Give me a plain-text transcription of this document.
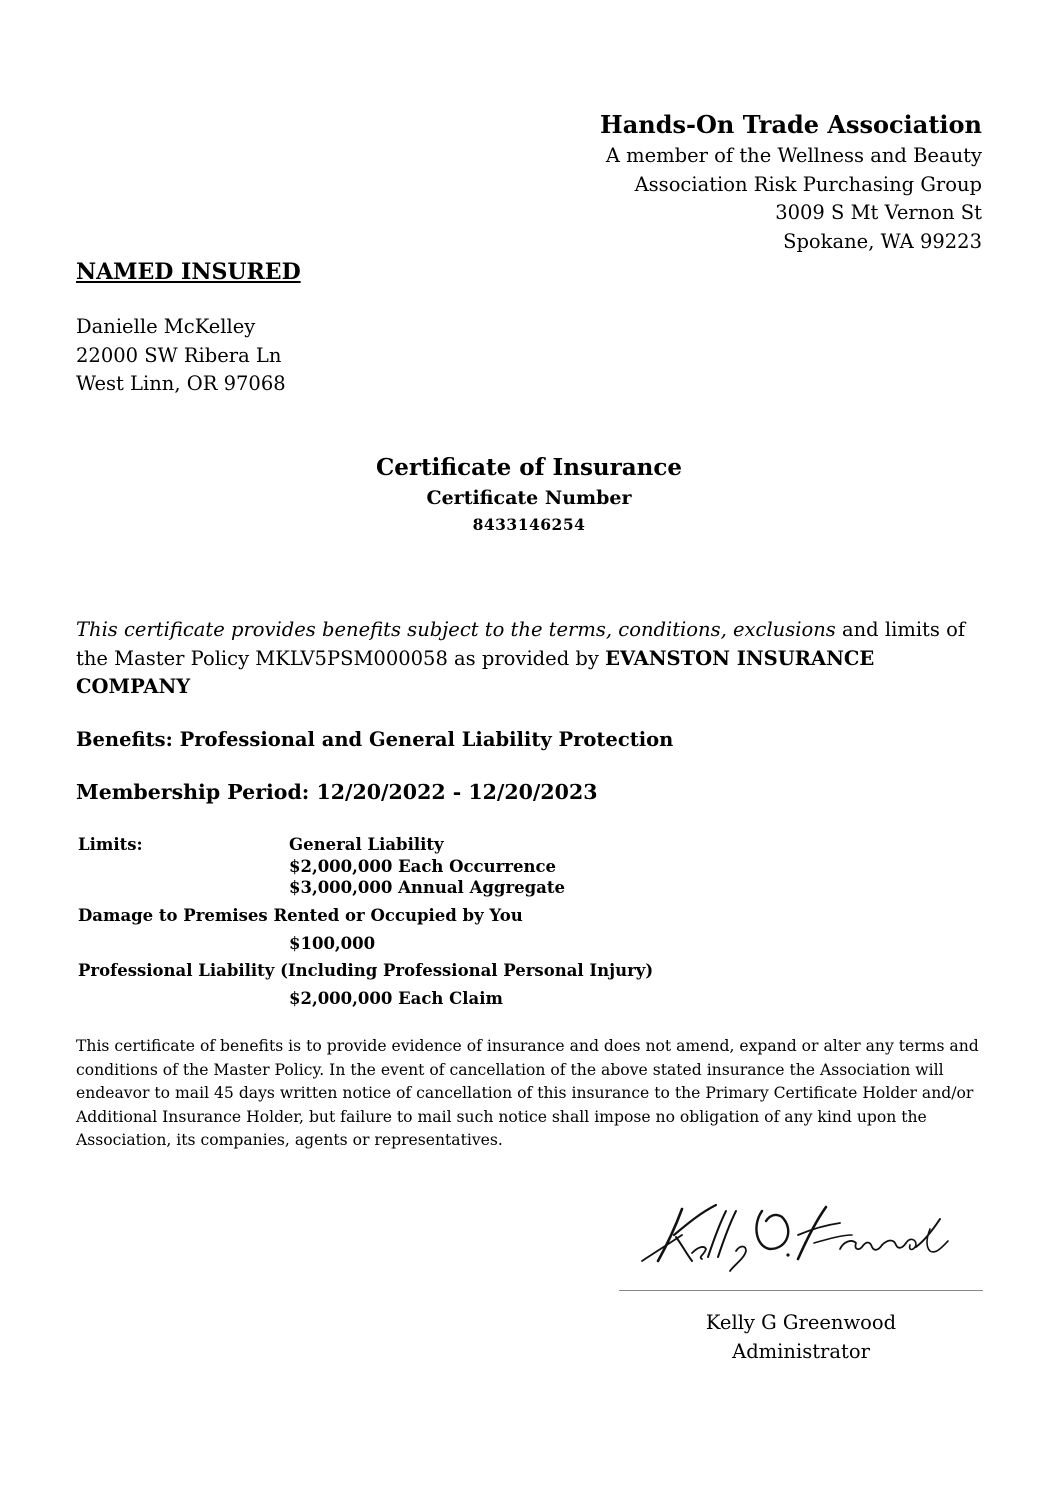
Hands-On Trade Association
A member of the Wellness and Beauty
Association Risk Purchasing Group
3009 S Mt Vernon St
Spokane, WA 99223
NAMED INSURED
Danielle McKelley
22000 SW Ribera Ln
West Linn, OR 97068
Certificate of Insurance
Certificate Number
8433146254
This certificate provides benefits subject to the terms, conditions, exclusions and limits of the Master Policy MKLV5PSM000058 as provided by EVANSTON INSURANCE COMPANY
Benefits: Professional and General Liability Protection
Membership Period: 12/20/2022 - 12/20/2023
Limits:	General Liability
$2,000,000 Each Occurrence
$3,000,000 Annual Aggregate
Damage to Premises Rented or Occupied by You
$100,000
Professional Liability (Including Professional Personal Injury)
$2,000,000 Each Claim
This certificate of benefits is to provide evidence of insurance and does not amend, expand or alter any terms and conditions of the Master Policy. In the event of cancellation of the above stated insurance the Association will endeavor to mail 45 days written notice of cancellation of this insurance to the Primary Certificate Holder and/or Additional Insurance Holder, but failure to mail such notice shall impose no obligation of any kind upon the Association, its companies, agents or representatives.
Kelly G Greenwood
Administrator
